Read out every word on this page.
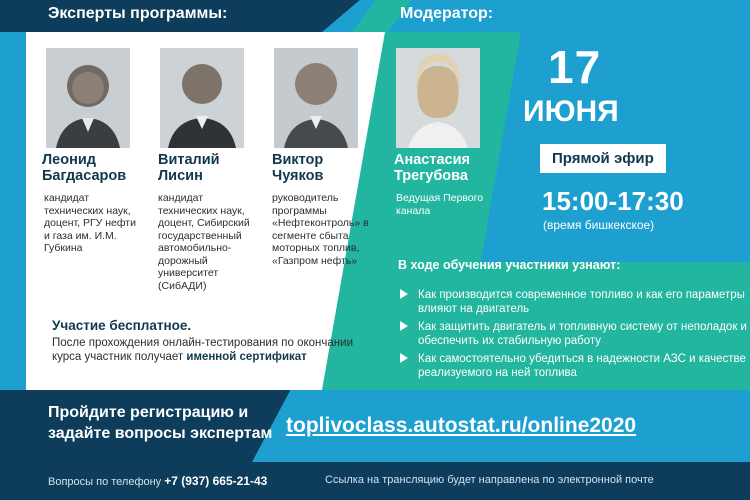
Эксперты программы:	Модератор:
Леонид
Багдасаров
Виталий
Лисин
Виктор
Чуяков
Анастасия
Трегубова
кандидат технических наук, доцент, РГУ нефти и газа им. И.М. Губкина
кандидат технических наук, доцент, Сибирский государственный автомобильно-дорожный университет (СибАДИ)
руководитель программы «Нефтеконтроль» в сегменте сбыта моторных топлив, «Газпром нефть»
Ведущая Первого канала
17
ИЮНЯ
Прямой эфир
15:00-17:30
(время бишкекское)
Участие бесплатное.
После прохождения онлайн-тестирования по окончании курса участник получает именной сертификат
В ходе обучения участники узнают:
Как производится современное топливо и как его параметры влияют на двигатель
Как защитить двигатель и топливную систему от неполадок и обеспечить их стабильную работу
Как самостоятельно убедиться в надежности АЗС и качестве реализуемого на ней топлива
Пройдите регистрацию и задайте вопросы экспертам toplivoclass.autostat.ru/online2020
Вопросы по телефону +7 (937) 665-21-43	Ссылка на трансляцию будет направлена по электронной почте
